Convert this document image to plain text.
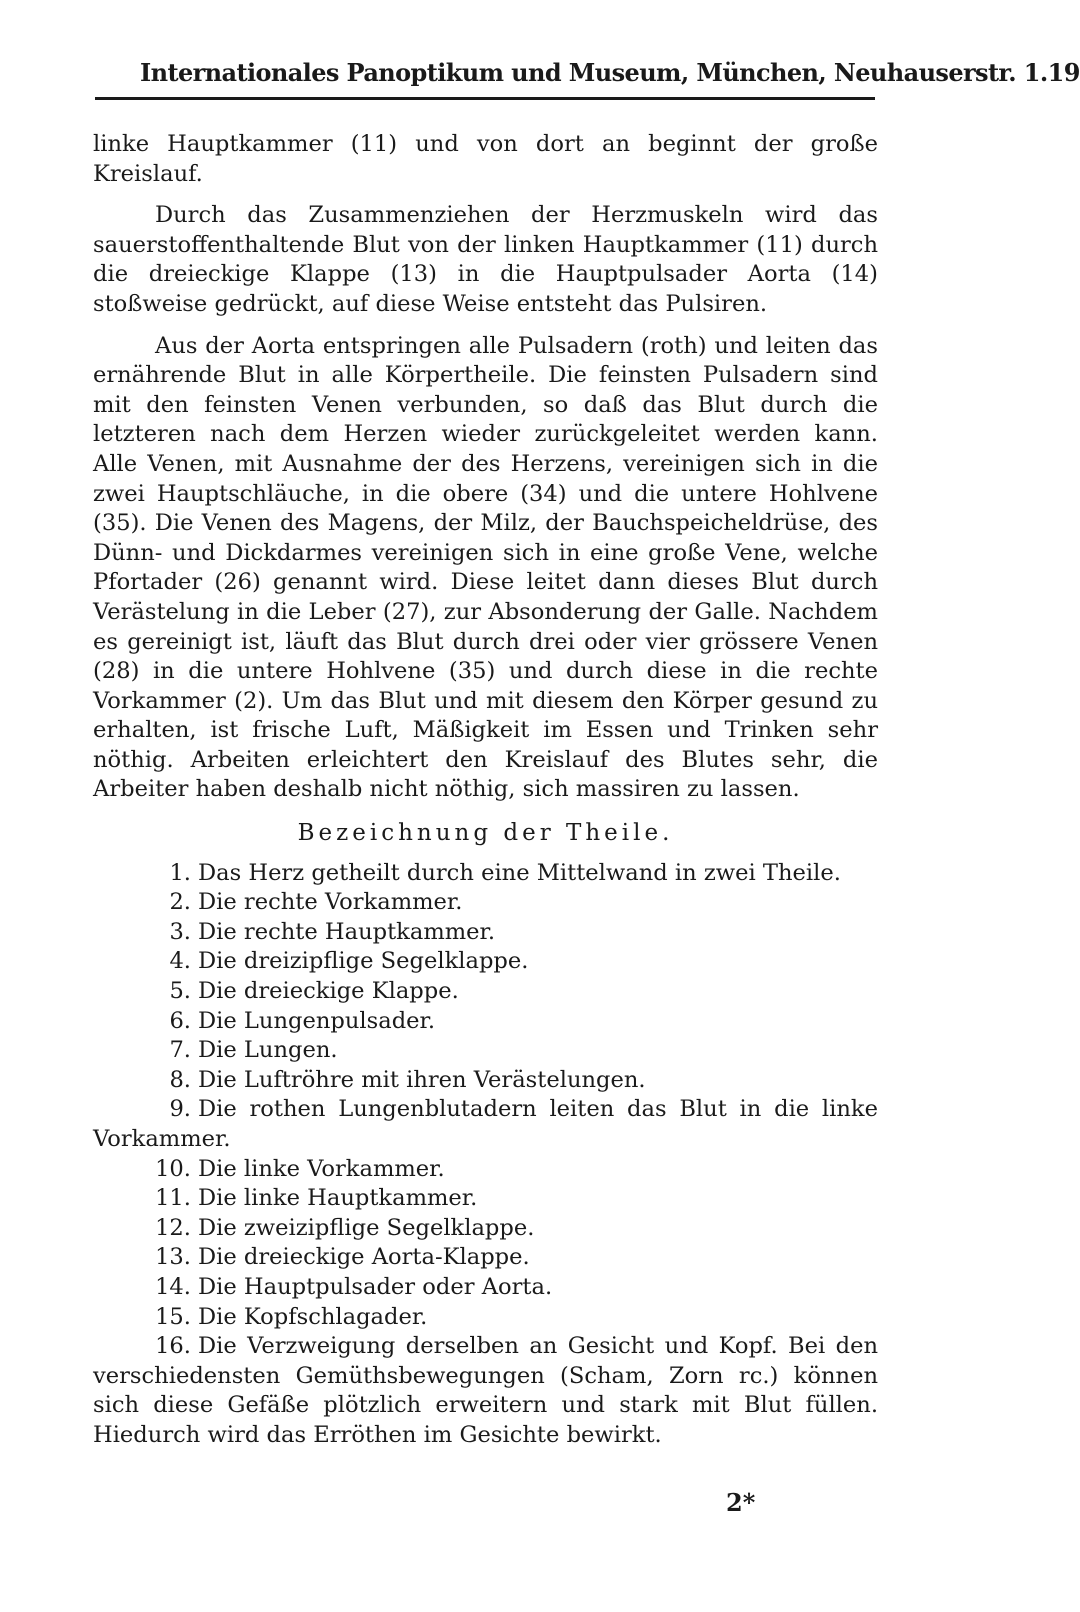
Internationales Panoptikum und Museum, München, Neuhauserstr. 1. 19

linke Hauptkammer (11) und von dort an beginnt der große Kreislauf.

Durch das Zusammenziehen der Herzmuskeln wird das sauerstoffenthaltende Blut von der linken Hauptkammer (11) durch die dreieckige Klappe (13) in die Hauptpulsader Aorta (14) stoßweise gedrückt, auf diese Weise entsteht das Pulsiren.

Aus der Aorta entspringen alle Pulsadern (roth) und leiten das ernährende Blut in alle Körpertheile. Die feinsten Pulsadern sind mit den feinsten Venen verbunden, so daß das Blut durch die letzteren nach dem Herzen wieder zurückgeleitet werden kann. Alle Venen, mit Ausnahme der des Herzens, vereinigen sich in die zwei Hauptschläuche, in die obere (34) und die untere Hohlvene (35). Die Venen des Magens, der Milz, der Bauchspeicheldrüse, des Dünn- und Dickdarmes vereinigen sich in eine große Vene, welche Pfortader (26) genannt wird. Diese leitet dann dieses Blut durch Verästelung in die Leber (27), zur Absonderung der Galle. Nachdem es gereinigt ist, läuft das Blut durch drei oder vier grössere Venen (28) in die untere Hohlvene (35) und durch diese in die rechte Vorkammer (2). Um das Blut und mit diesem den Körper gesund zu erhalten, ist frische Luft, Mäßigkeit im Essen und Trinken sehr nöthig. Arbeiten erleichtert den Kreislauf des Blutes sehr, die Arbeiter haben deshalb nicht nöthig, sich massiren zu lassen.

Bezeichnung der Theile.
1. Das Herz getheilt durch eine Mittelwand in zwei Theile.
2. Die rechte Vorkammer.
3. Die rechte Hauptkammer.
4. Die dreizipflige Segelklappe.
5. Die dreieckige Klappe.
6. Die Lungenpulsader.
7. Die Lungen.
8. Die Luftröhre mit ihren Verästelungen.
9. Die rothen Lungenblutadern leiten das Blut in die linke Vorkammer.
10. Die linke Vorkammer.
11. Die linke Hauptkammer.
12. Die zweizipflige Segelklappe.
13. Die dreieckige Aorta-Klappe.
14. Die Hauptpulsader oder Aorta.
15. Die Kopfschlagader.
16. Die Verzweigung derselben an Gesicht und Kopf. Bei den verschiedensten Gemüthsbewegungen (Scham, Zorn rc.) können sich diese Gefäße plötzlich erweitern und stark mit Blut füllen. Hiedurch wird das Erröthen im Gesichte bewirkt.
2*
